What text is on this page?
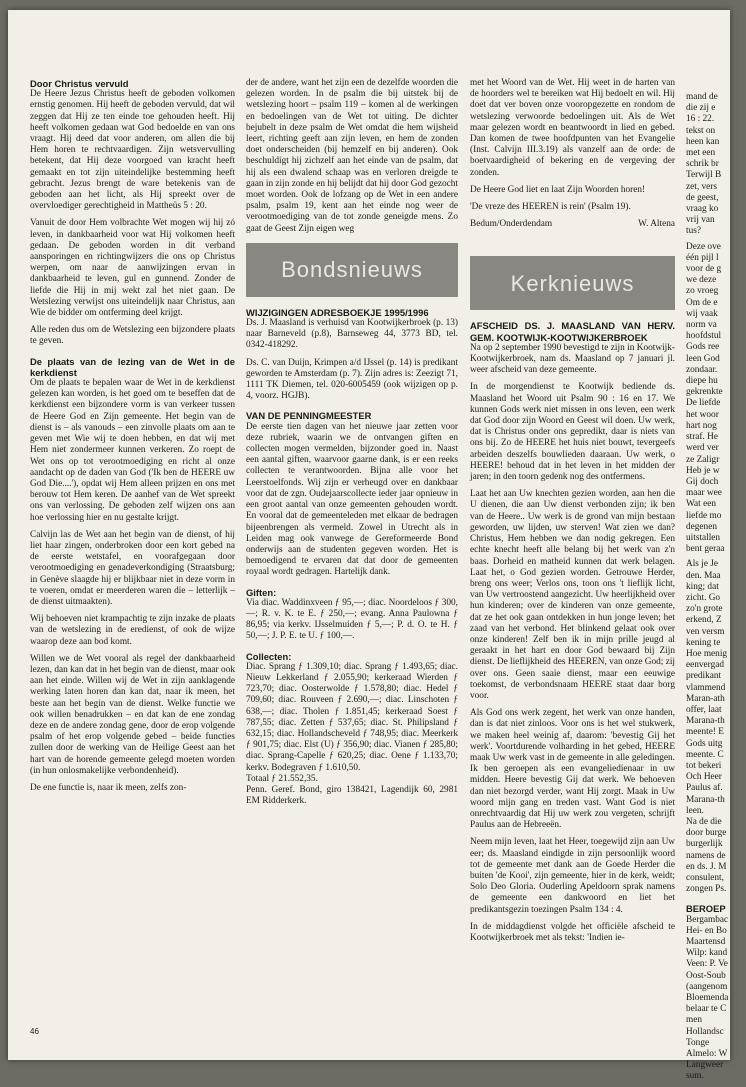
Door Christus vervuld

De Heere Jezus Christus heeft de geboden volkomen ernstig genomen. Hij heeft de geboden vervuld, dat wil zeggen dat Hij ze ten einde toe gehouden heeft. Hij heeft volkomen gedaan wat God bedoelde en van ons vraagt. Hij deed dat voor anderen, om allen die bij Hem horen te rechtvaardigen. Zijn wetsvervulling betekent, dat Hij deze voorgoed van kracht heeft gemaakt en tot zijn uiteindelijke bestemming heeft gebracht. Jezus brengt de ware betekenis van de geboden aan het licht, als Hij spreekt over de overvloediger gerechtigheid in Mattheüs 5 : 20.

Vanuit de door Hem volbrachte Wet mogen wij hij zó leven, in dankbaarheid voor wat Hij volkomen heeft gedaan. De geboden worden in dit verband aansporingen en richtingwijzers die ons op Christus werpen, om naar de aanwijzingen ervan in dankbaarheid te leven, gul en gunnend. Zonder de liefde die Hij in mij wekt zal het niet gaan. De Wetslezing verwijst ons uiteindelijk naar Christus, aan Wie de bidder om ontferming deel krijgt.

Alle reden dus om de Wetslezing een bijzondere plaats te geven.

De plaats van de lezing van de Wet in de kerkdienst

Om de plaats te bepalen waar de Wet in de kerkdienst gelezen kan worden, is het goed om te beseffen dat de kerkdienst een bijzondere vorm is van verkeer tussen de Heere God en Zijn gemeente. Het begin van de dienst is – als vanouds – een zinvolle plaats om aan te geven met Wie wij te doen hebben, en dat wij met Hem niet zondermeer kunnen verkeren. Zo roept de Wet ons op tot verootmoediging en richt al onze aandacht op de daden van God ('Ik ben de HEERE uw God Die....'), opdat wij Hem alleen prijzen en ons met berouw tot Hem keren. De aanhef van de Wet spreekt ons van verlossing. De geboden zelf wijzen ons aan hoe verlossing hier en nu gestalte krijgt.

Calvijn las de Wet aan het begin van de dienst, of hij liet haar zingen, onderbroken door een kort gebed na de eerste wetstafel, en voorafgegaan door verootmoediging en genadeverkondiging (Straatsburg; in Genève slaagde hij er blijkbaar niet in deze vorm in te voeren, omdat er meerderen waren die – letterlijk – de dienst uitmaakten).

Wij behoeven niet krampachtig te zijn inzake de plaats van de wetslezing in de eredienst, of ook de wijze waarop deze aan bod komt.

Willen we de Wet vooral als regel der dankbaarheid lezen, dan kan dat in het begin van de dienst, maar ook aan het einde. Willen wij de Wet in zijn aanklagende werking laten horen dan kan dat, naar ik meen, het beste aan het begin van de dienst. Welke functie we ook willen benadrukken – en dat kan de ene zondag deze en de andere zondag gene, door de erop volgende psalm of het erop volgende gebed – beide functies zullen door de werking van de Heilige Geest aan het hart van de horende gemeente gelegd moeten worden (in hun onlosmakelijke verbondenheid).

De ene functie is, naar ik meen, zelfs zon-

der de andere, want het zijn een de dezelfde woorden die gelezen worden. In de psalm die bij uitstek bij de wetslezing hoort – psalm 119 – komen al de werkingen en bedoelingen van de Wet tot uiting. De dichter bejubelt in deze psalm de Wet omdat die hem wijsheid leert, richting geeft aan zijn leven, en hem de zonden doet onderscheiden (bij hemzelf en bij anderen). Ook beschuldigt hij zichzelf aan het einde van de psalm, dat hij als een dwalend schaap was en verloren dreigde te gaan in zijn zonde en hij belijdt dat hij door God gezocht moet worden. Ook de lofzang op de Wet in een andere psalm, psalm 19, kent aan het einde nog weer de verootmoediging van de tot zonde geneigde mens. Zo gaat de Geest Zijn eigen weg

Bondsnieuws
WIJZIGINGEN ADRESBOEKJE 1995/1996

Ds. J. Maasland is verhuisd van Kootwijkerbroek (p. 13) naar Barneveld (p.8), Barnseweg 44, 3773 BD, tel. 0342-418292.

Ds. C. van Duijn, Krimpen a/d IJssel (p. 14) is predikant geworden te Amsterdam (p. 7). Zijn adres is: Zeezigt 71, 1111 TK Diemen, tel. 020-6005459 (ook wijzigen op p. 4, voorz. HGJB).

VAN DE PENNINGMEESTER

De eerste tien dagen van het nieuwe jaar zetten voor deze rubriek, waarin we de ontvangen giften en collecten mogen vermelden, bijzonder goed in. Naast een aantal giften, waarvoor gaarne dank, is er een reeks collecten te verantwoorden. Bijna alle voor het Leerstoelfonds. Wij zijn er verheugd over en dankbaar voor dat de zgn. Oudejaarscollecte ieder jaar opnieuw in een groot aantal van onze gemeenten gehouden wordt. En vooral dat de gemeenteleden met elkaar de bedragen bijeenbrengen als vermeld. Zowel in Utrecht als in Leiden mag ook vanwege de Gereformeerde Bond onderwijs aan de studenten gegeven worden. Het is bemoedigend te ervaren dat dat door de gemeenten royaal wordt gedragen. Hartelijk dank.

Giften:

Via diac. Waddinxveen ƒ 95,—; diac. Noordeloos ƒ 300,—; R. v. K. te E. ƒ 250,—; evang. Anna Paulowna ƒ 86,95; via kerkv. IJsselmuiden ƒ 5,—; P. d. O. te H. ƒ 50,—; J. P. E. te U. ƒ 100,—.

Collecten:

Diac. Sprang ƒ 1.309,10; diac. Sprang ƒ 1.493,65; diac. Nieuw Lekkerland ƒ 2.055,90; kerkeraad Wierden ƒ 723,70; diac. Oosterwolde ƒ 1.578,80; diac. Hedel ƒ 709,60; diac. Rouveen ƒ 2.690,—; diac. Linschoten ƒ 638,—; diac. Tholen ƒ 1.851,45; kerkeraad Soest ƒ 787,55; diac. Zetten ƒ 537,65; diac. St. Philipsland ƒ 632,15; diac. Hollandscheveld ƒ 748,95; diac. Meerkerk ƒ 901,75; diac. Elst (U) ƒ 356,90; diac. Vianen ƒ 285,80; diac. Sprang-Capelle ƒ 620,25; diac. Oene ƒ 1.133,70; kerkv. Bodegraven ƒ 1.610,50.

Totaal ƒ 21.552,35.

Penn. Geref. Bond, giro 138421, Lagendijk 60, 2981 EM Ridderkerk.

met het Woord van de Wet. Hij weet in de harten van de hoorders wel te bereiken wat Hij bedoelt en wil. Hij doet dat ver boven onze vooropgezette en rondom de wetslezing verwoorde bedoelingen uit. Als de Wet maar gelezen wordt en beantwoordt in lied en gebed. Dan komen de twee hoofdpunten van het Evangelie (Inst. Calvijn III.3.19) als vanzelf aan de orde: de boetvaardigheid of bekering en de vergeving der zonden.

De Heere God liet en laat Zijn Woorden horen!

'De vreze des HEEREN is rein' (Psalm 19).

Bedum/Onderdendam	W. Altena
Kerknieuws
AFSCHEID DS. J. MAASLAND VAN HERV. GEM. KOOTWIJK-KOOTWIJKERBROEK

Na op 2 september 1990 bevestigd te zijn in Kootwijk-Kootwijkerbroek, nam ds. Maasland op 7 januari jl. weer afscheid van deze gemeente.

In de morgendienst te Kootwijk bediende ds. Maasland het Woord uit Psalm 90 : 16 en 17. We kunnen Gods werk niet missen in ons leven, een werk dat God door zijn Woord en Geest wil doen. Uw werk, dat is Christus onder ons gepredikt, daar is niets van ons bij. Zo de HEERE het huis niet bouwt, tevergeefs arbeiden deszelfs bouwlieden daaraan. Uw werk, o HEERE! behoud dat in het leven in het midden der jaren; in den toorn gedenk nog des ontfermens.

Laat het aan Uw knechten gezien worden, aan hen die U dienen, die aan Uw dienst verbonden zijn; ik ben van de Heere.. Uw werk is de grond van mijn bestaan geworden, uw lijden, uw sterven! Wat zien we dan? Christus, Hem hebben we dan nodig gekregen. Een echte knecht heeft alle belang bij het werk van z'n baas. Dorheid en matheid kunnen dat werk belagen. Laat het, o God gezien worden. Getrouwe Herder, breng ons weer; Verlos ons, toon ons 't lieflijk licht, van Uw vertroostend aangezicht. Uw heerlijkheid over hun kinderen; over de kinderen van onze gemeente, dat ze het ook gaan ontdekken in hun jonge leven; het zaad van het verbond. Het blinkend gelaat ook over onze kinderen! Zelf ben ik in mijn prille jeugd al geraakt in het hart en door God bewaard bij Zijn dienst. De lieflijkheid des HEEREN, van onze God; zij over ons. Geen saaie dienst, maar een eeuwige toekomst, de verbondsnaam HEERE staat daar borg voor.

Als God ons werk zegent, het werk van onze handen, dan is dat niet zinloos. Voor ons is het wel stukwerk, we maken heel weinig af, daarom: 'bevestig Gij het werk'. Voortdurende volharding in het gebed, HEERE maak Uw werk vast in de gemeente in alle geledingen. Ik ben geroepen als een evangeliedienaar in uw midden. Heere bevestig Gij dat werk. We behoeven dan niet bezorgd verder, want Hij zorgt. Maak in Uw woord mijn gang en treden vast. Want God is niet onrechtvaardig dat Hij uw werk zou vergeten, schrijft Paulus aan de Hebreeën.

Neem mijn leven, laat het Heer, toegewijd zijn aan Uw eer; ds. Maasland eindigde in zijn persoonlijk woord tot de gemeente met dank aan de Goede Herder die buiten 'de Kooi', zijn gemeente, hier in de kerk, weidt; Solo Deo Gloria. Ouderling Apeldoorn sprak namens de gemeente een dankwoord en liet het predikantsgezin toezingen Psalm 134 : 4.

In de middagdienst volgde het officiële afscheid te Kootwijkerbroek met als tekst: 'Indien ie-

mand de
die zij e
16 : 22.
tekst on
heen kan
met een
schrik br
Terwijl B
zet, vers
de geest,
vraag ko
vrij van
tus?

Deze ove
één pijl l
voor de g
we deze
zo vroeg
Om de e
wij vaak
norm va
hoofdstul
Gods ree
leen God
zondaar.
diepe hu
gekrenkte
De liefde
het woor
hart nog
straf. He
werd ver
ze Zaligr
Heb je w
Gij doch
maar wee
Wat een
liefde mo
degenen
uitstallen
bent geraa

Als je Je
den. Maa
king; dat
zicht. Go
zo'n grote
erkend, Z
ven versm
kening te
Hoe menig
eenvergad
predikant
vlammend
Maran-ath
offer, laat
Marana-th
meente! E
Gods uitg
meente. C
tot bekeri
Och Heer
Paulus af.
Marana-th
leen.
Na de die
door burge
burgerlijk
namens de
en ds. J. M
consulent,
zongen Ps.

BEROEP

Bergambac
Hei- en Bo
Maartensd
Wilp: kand
Veen: P. Ve
Oost-Soub
(aangenom
Bloemenda
belaar te C
men
Hollandsc
Tonge
Almelo: W
Langweer
sum.

46
